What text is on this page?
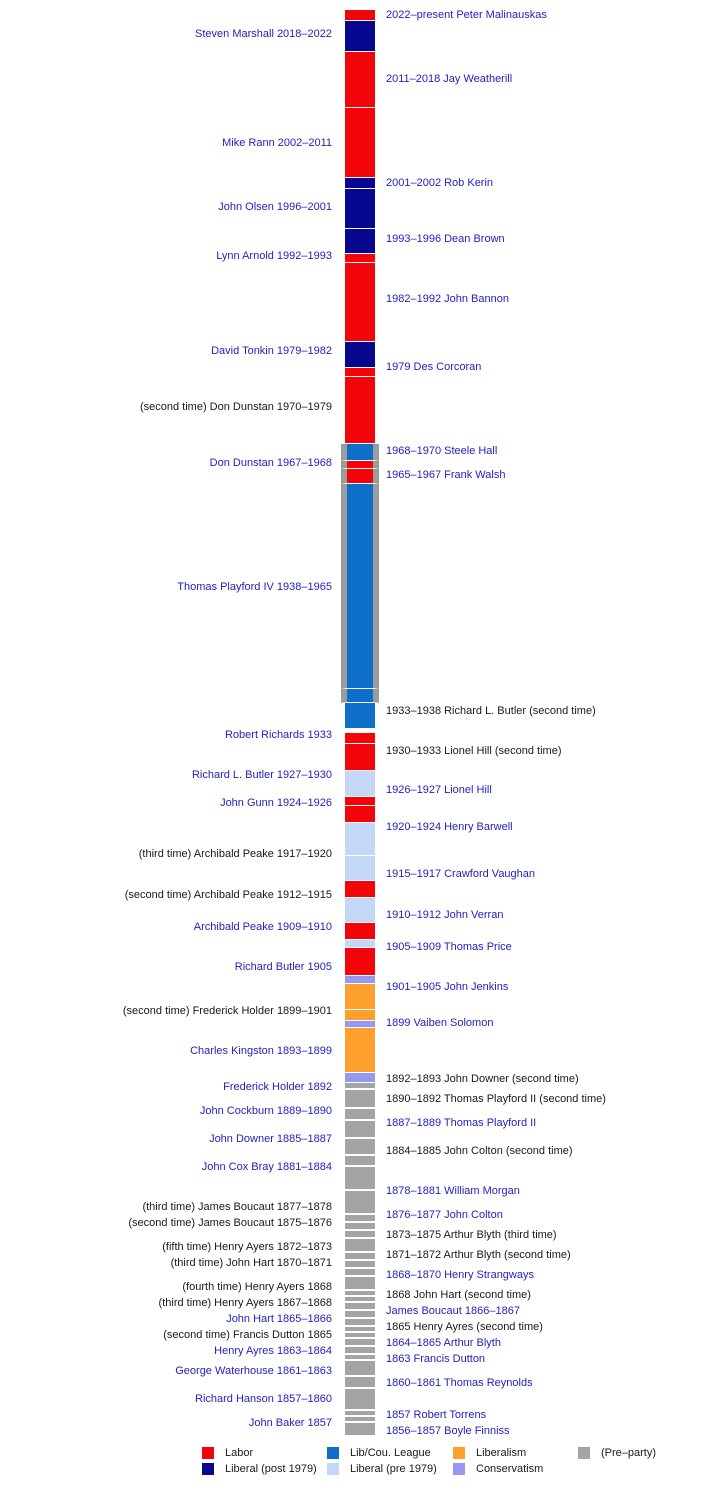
2022–present Peter Malinauskas
Steven Marshall 2018–2022
2011–2018 Jay Weatherill
Mike Rann 2002–2011
2001–2002 Rob Kerin
John Olsen 1996–2001
1993–1996 Dean Brown
Lynn Arnold 1992–1993
1982–1992 John Bannon
David Tonkin 1979–1982
1979 Des Corcoran
(second time) Don Dunstan 1970–1979
1968–1970 Steele Hall
Don Dunstan 1967–1968
1965–1967 Frank Walsh
Thomas Playford IV 1938–1965
1933–1938 Richard L. Butler (second time)
Robert Richards 1933
1930–1933 Lionel Hill (second time)
Richard L. Butler 1927–1930
1926–1927 Lionel Hill
John Gunn 1924–1926
1920–1924 Henry Barwell
(third time) Archibald Peake 1917–1920
1915–1917 Crawford Vaughan
(second time) Archibald Peake 1912–1915
1910–1912 John Verran
Archibald Peake 1909–1910
1905–1909 Thomas Price
Richard Butler 1905
1901–1905 John Jenkins
(second time) Frederick Holder 1899–1901
1899 Vaiben Solomon
Charles Kingston 1893–1899
1892–1893 John Downer (second time)
Frederick Holder 1892
1890–1892 Thomas Playford II (second time)
John Cockburn 1889–1890
1887–1889 Thomas Playford II
John Downer 1885–1887
1884–1885 John Colton (second time)
John Cox Bray 1881–1884
1878–1881 William Morgan
(third time) James Boucaut 1877–1878
1876–1877 John Colton
(second time) James Boucaut 1875–1876
1873–1875 Arthur Blyth (third time)
(fifth time) Henry Ayers 1872–1873
1871–1872 Arthur Blyth (second time)
(third time) John Hart 1870–1871
1868–1870 Henry Strangways
(fourth time) Henry Ayers 1868
1868 John Hart (second time)
(third time) Henry Ayers 1867–1868
James Boucaut 1866–1867
John Hart 1865–1866
1865 Henry Ayres (second time)
(second time) Francis Dutton 1865
1864–1865 Arthur Blyth
Henry Ayres 1863–1864
1863 Francis Dutton
George Waterhouse 1861–1863
1860–1861 Thomas Reynolds
Richard Hanson 1857–1860
1857 Robert Torrens
John Baker 1857
1856–1857 Boyle Finniss
Labor	Lib/Cou. League	Liberalism	(Pre–party)
Liberal (post 1979)	Liberal (pre 1979)	Conservatism
